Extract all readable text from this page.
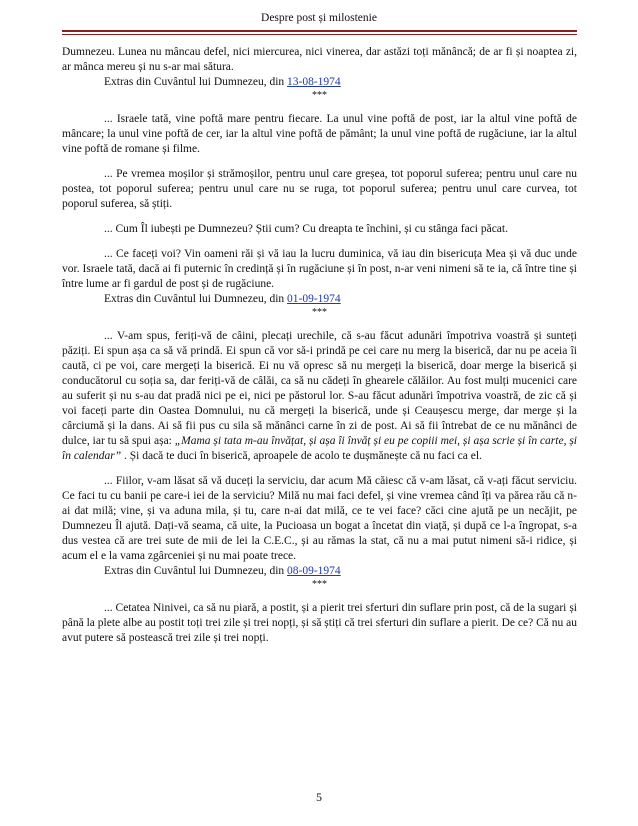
Despre post și milostenie

Dumnezeu. Lunea nu mâncau defel, nici miercurea, nici vinerea, dar astăzi toți mănâncă; de ar fi și noaptea zi, ar mânca mereu și nu s-ar mai sătura.

Extras din Cuvântul lui Dumnezeu, din 13-08-1974

***

... Israele tată, vine poftă mare pentru fiecare. La unul vine poftă de post, iar la altul vine poftă de mâncare; la unul vine poftă de cer, iar la altul vine poftă de pământ; la unul vine poftă de rugăciune, iar la altul vine poftă de romane și filme.

... Pe vremea moșilor și strămoșilor, pentru unul care greșea, tot poporul suferea; pentru unul care nu postea, tot poporul suferea; pentru unul care nu se ruga, tot poporul suferea; pentru unul care curvea, tot poporul suferea, să știți.

... Cum Îl iubești pe Dumnezeu? Știi cum? Cu dreapta te închini, și cu stânga faci păcat.

... Ce faceți voi? Vin oameni răi și vă iau la lucru duminica, vă iau din bisericuța Mea și vă duc unde vor. Israele tată, dacă ai fi puternic în credință și în rugăciune și în post, n-ar veni nimeni să te ia, că între tine și între lume ar fi gardul de post și de rugăciune.

Extras din Cuvântul lui Dumnezeu, din 01-09-1974

***

... V-am spus, feriți-vă de câini, plecați urechile, că s-au făcut adunări împotriva voastră și sunteți păziți. Ei spun așa ca să vă prindă. Ei spun că vor să-i prindă pe cei care nu merg la biserică, dar nu pe aceia îi caută, ci pe voi, care mergeți la biserică. Ei nu vă opresc să nu mergeți la biserică, doar merge la biserică și conducătorul cu soția sa, dar feriți-vă de câlăi, ca să nu cădeți în ghearele călăilor. Au fost mulți mucenici care au suferit și nu s-au dat pradă nici pe ei, nici pe păstorul lor. S-au făcut adunări împotriva voastră, de zic că și voi faceți parte din Oastea Domnului, nu că mergeți la biserică, unde și Ceaușescu merge, dar merge și la cârciumă și la dans. Ai să fii pus cu sila să mănânci carne în zi de post. Ai să fii întrebat de ce nu mănânci de dulce, iar tu să spui așa: „Mama și tata m-au învățat, și așa îi învăț și eu pe copiii mei, și așa scrie și în carte, și în calendar” . Și dacă te duci în biserică, aproapele de acolo te dușmănește că nu faci ca el.

... Fiilor, v-am lăsat să vă duceți la serviciu, dar acum Mă căiesc că v-am lăsat, că v-ați făcut serviciu. Ce faci tu cu banii pe care-i iei de la serviciu? Milă nu mai faci defel, și vine vremea când îți va părea rău că n-ai dat milă; vine, și va aduna mila, și tu, care n-ai dat milă, ce te vei face? căci cine ajută pe un necăjit, pe Dumnezeu Îl ajută. Dați-vă seama, că uite, la Pucioasa un bogat a încetat din viață, și după ce l-a îngropat, s-a dus vestea că are trei sute de mii de lei la C.E.C., și au rămas la stat, că nu a mai putut nimeni să-i ridice, și acum el e la vama zgârceniei și nu mai poate trece.

Extras din Cuvântul lui Dumnezeu, din 08-09-1974

***

... Cetatea Ninivei, ca să nu piară, a postit, și a pierit trei sferturi din suflare prin post, că de la sugari și până la plete albe au postit toți trei zile și trei nopți, și să știți că trei sferturi din suflare a pierit. De ce? Că nu au avut putere să postească trei zile și trei nopți.

5
